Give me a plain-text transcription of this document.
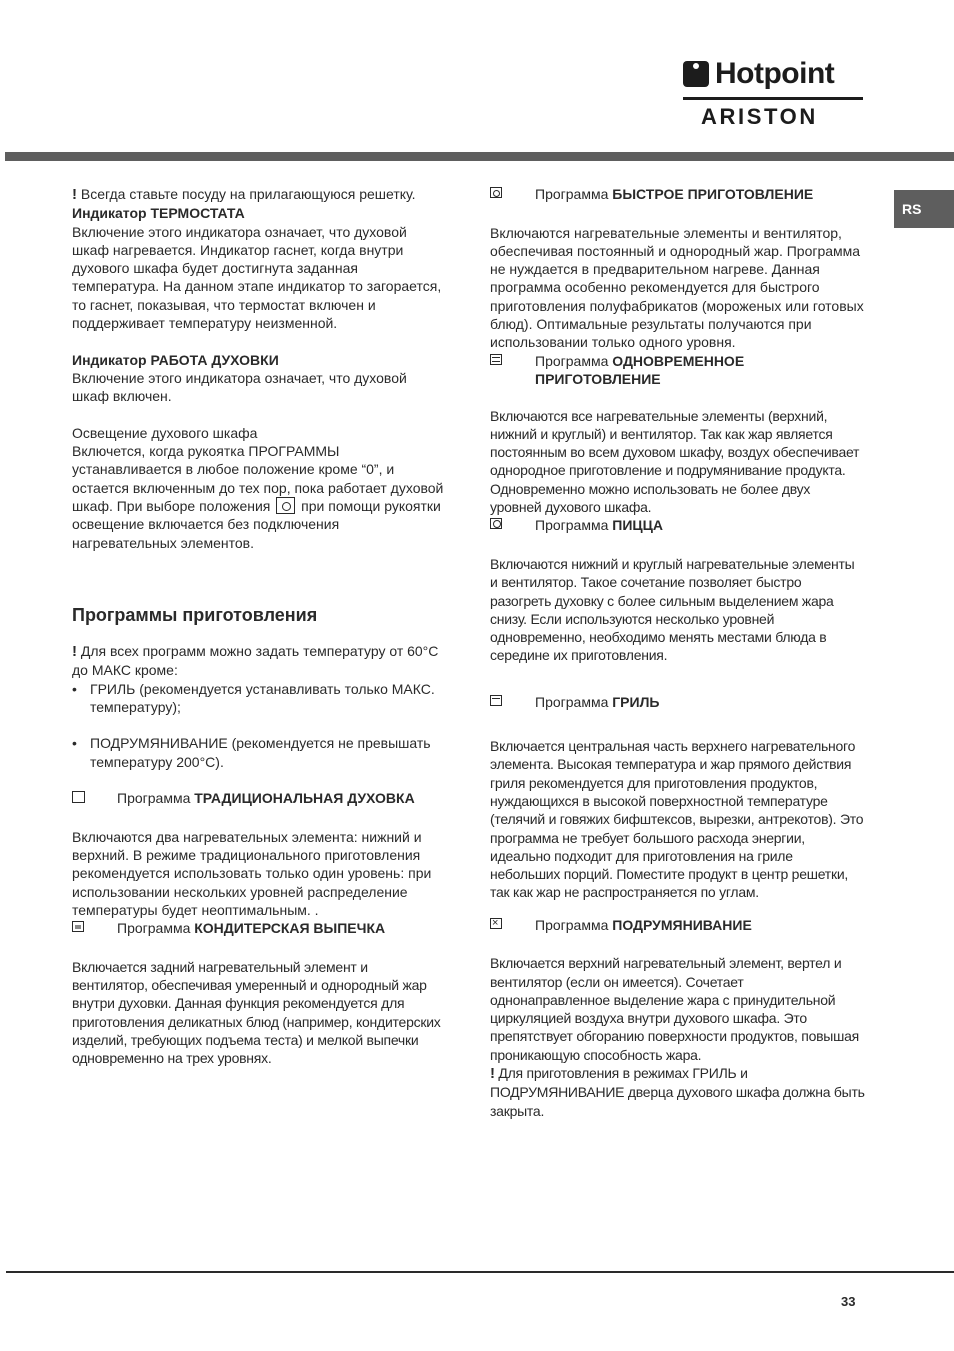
Hotpoint
ARISTON
RS

! Всегда ставьте посуду на прилагающуюся решетку.

Индикатор ТЕРМОСТАТА

Включение этого индикатора означает, что духовой шкаф нагревается. Индикатор гаснет, когда внутри духового шкафа будет достигнута заданная температура. На данном этапе индикатор то загорается, то гаснет, показывая, что термостат включен и поддерживает температуру неизменной.

Индикатор РАБОТА ДУХОВКИ

Включение этого индикатора означает, что духовой шкаф включен.

Освещение духового шкафа

Включется, когда рукоятка ПРОГРАММЫ устанавливается в любое положение кроме “0”, и остается включенным до тех пор, пока работает духовой шкаф. При выборе положения  при помощи рукоятки освещение включается без подключения нагревательных элементов.

Программы приготовления

! Для всех программ можно задать температуру от 60°C до МАКС кроме:

• ГРИЛЬ (рекомендуется устанавливать только МАКС. температуру);
• ПОДРУМЯНИВАНИЕ (рекомендуется не превышать температуру 200°C).

Программа ТРАДИЦИОНАЛЬНАЯ ДУХОВКА

Включаются два нагревательных элемента: нижний и верхний. В режиме традиционального приготовления рекомендуется использовать только один уровень: при использовании нескольких уровней распределение температуры будет неоптимальным. .

Программа КОНДИТЕРСКАЯ ВЫПЕЧКА

Включается задний нагревательный элемент и вентилятор, обеспечивая умеренный и однородный жар внутри духовки. Данная функция рекомендуется для приготовления деликатных блюд (например, кондитерских изделий, требующих подъема теста) и мелкой выпечки одновременно на трех уровнях.

Программа БЫСТРОЕ ПРИГОТОВЛЕНИЕ

Включаются нагревательные элементы и вентилятор, обеспечивая постоянный и однородный жар. Программа не нуждается в предварительном нагреве. Данная программа особенно рекомендуется для быстрого приготовления полуфабрикатов (мороженых или готовых блюд). Оптимальные результаты получаются при использовании только одного уровня.

Программа ОДНОВРЕМЕННОЕ ПРИГОТОВЛЕНИЕ

Включаются все нагревательные элементы (верхний, нижний и круглый) и вентилятор. Так как жар является постоянным во всем духовом шкафу, воздух обеспечивает однородное приготовление и подрумянивание продукта. Одновременно можно использовать не более двух уровней духового шкафа.

Программа ПИЦЦА

Включаются нижний и круглый нагревательные элементы и вентилятор. Такое сочетание позволяет быстро разогреть духовку с более сильным выделением жара снизу. Если используются несколько уровней одновременно, необходимо менять местами блюда в середине их приготовления.

Программа ГРИЛЬ

Включается центральная часть верхнего нагревательного элемента. Высокая температура и жар прямого действия гриля рекомендуется для приготовления продуктов, нуждающихся в высокой поверхностной температуре (телячий и говяжих бифштексов, вырезки, антрекотов). Это программа не требует большого расхода энергии, идеально подходит для приготовления на гриле небольших порций. Поместите продукт в центр решетки, так как жар не распространяется по углам.

×

Программа ПОДРУМЯНИВАНИЕ

Включается верхний нагревательный элемент, вертел и вентилятор (если он имеется). Сочетает однонаправленное выделение жара с принудительной циркуляцией воздуха внутри духового шкафа. Это препятствует обгоранию поверхности продуктов, повышая проникающую способность жара.

! Для приготовления в режимах ГРИЛЬ и ПОДРУМЯНИВАНИЕ дверца духового шкафа должна быть закрыта.

33
